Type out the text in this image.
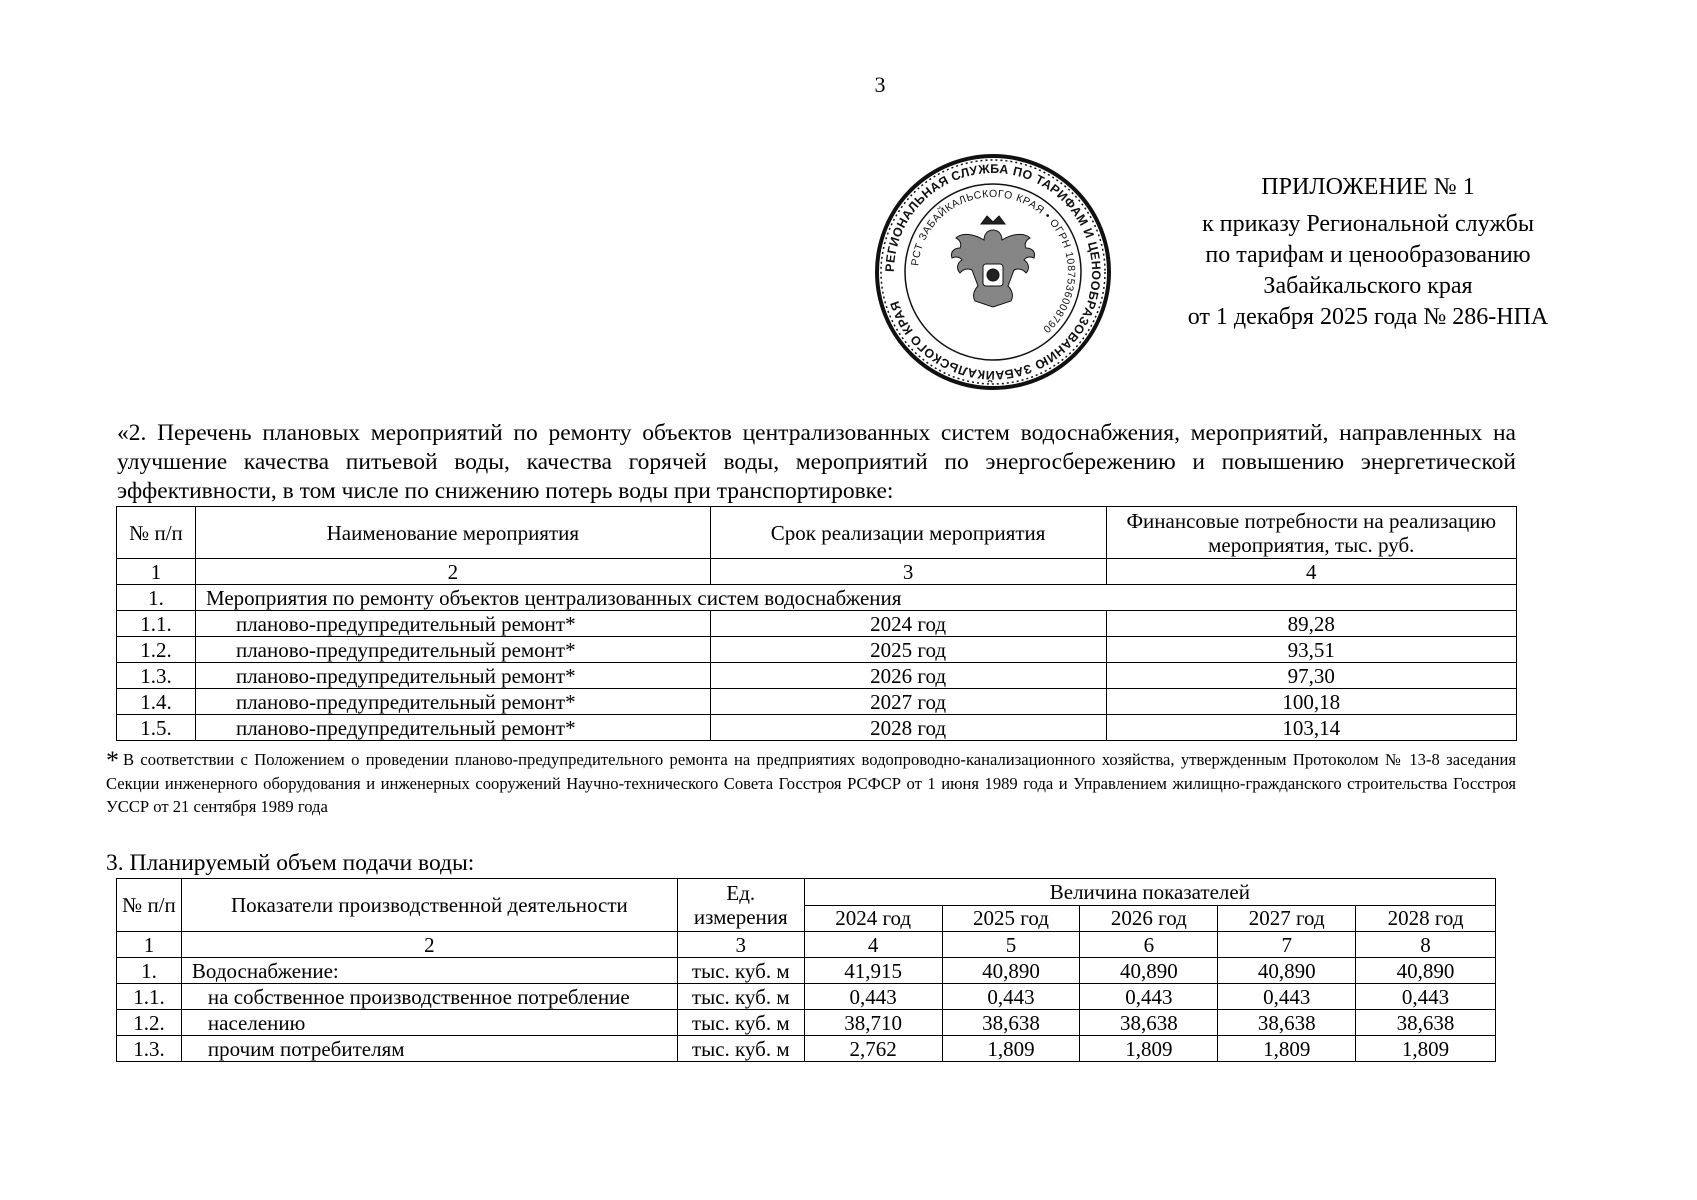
3
РЕГИОНАЛЬНАЯ СЛУЖБА ПО ТАРИФАМ И ЦЕНООБРАЗОВАНИЮ ЗАБАЙКАЛЬСКОГО КРАЯ
РСТ ЗАБАЙКАЛЬСКОГО КРАЯ • ОГРН 1087536008790
ПРИЛОЖЕНИЕ № 1
к приказу Региональной службы
по тарифам и ценообразованию
Забайкальского края
от 1 декабря 2025 года № 286-НПА
«2. Перечень плановых мероприятий по ремонту объектов централизованных систем водоснабжения, мероприятий, направленных на улучшение качества питьевой воды, качества горячей воды, мероприятий по энергосбережению и повышению энергетической эффективности, в том числе по снижению потерь воды при транспортировке:
№ п/п	Наименование мероприятия	Срок реализации мероприятия	Финансовые потребности на реализацию мероприятия, тыс. руб.
1	2	3	4
1.	Мероприятия по ремонту объектов централизованных систем водоснабжения		
1.1.	планово-предупредительный ремонт*	2024 год	89,28
1.2.	планово-предупредительный ремонт*	2025 год	93,51
1.3.	планово-предупредительный ремонт*	2026 год	97,30
1.4.	планово-предупредительный ремонт*	2027 год	100,18
1.5.	планово-предупредительный ремонт*	2028 год	103,14
* В соответствии с Положением о проведении планово-предупредительного ремонта на предприятиях водопроводно-канализационного хозяйства, утвержденным Протоколом № 13-8 заседания Секции инженерного оборудования и инженерных сооружений Научно-технического Совета Госстроя РСФСР от 1 июня 1989 года и Управлением жилищно-гражданского строительства Госстроя УССР от 21 сентября 1989 года
3. Планируемый объем подачи воды:
№ п/п	Показатели производственной деятельности	Ед. измерения	Величина показателей				
			2024 год	2025 год	2026 год	2027 год	2028 год
1	2	3	4	5	6	7	8
1.	Водоснабжение:	тыс. куб. м	41,915	40,890	40,890	40,890	40,890
1.1.	на собственное производственное потребление	тыс. куб. м	0,443	0,443	0,443	0,443	0,443
1.2.	населению	тыс. куб. м	38,710	38,638	38,638	38,638	38,638
1.3.	прочим потребителям	тыс. куб. м	2,762	1,809	1,809	1,809	1,809
